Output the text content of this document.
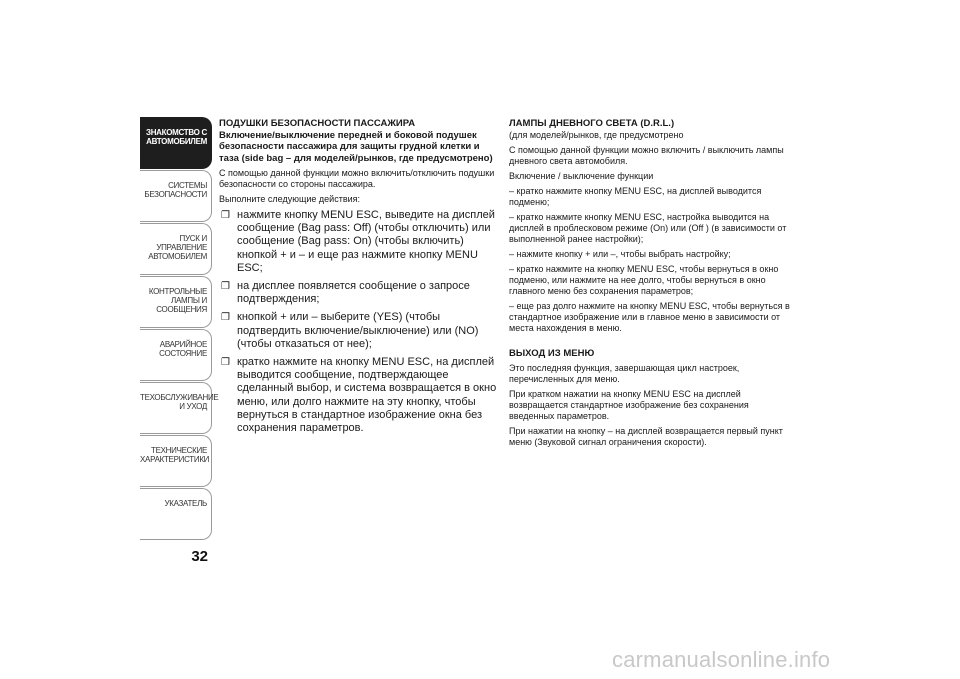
ЗНАКОМСТВО С
АВТОМОБИЛЕМ
СИСТЕМЫ
БЕЗОПАСНОСТИ
ПУСК И УПРАВЛЕНИЕ
АВТОМОБИЛЕМ
КОНТРОЛЬНЫЕ
ЛАМПЫ И
СООБЩЕНИЯ
АВАРИЙНОЕ
СОСТОЯНИЕ
ТЕХОБСЛУЖИВАНИЕ
И УХОД
ТЕХНИЧЕСКИЕ
ХАРАКТЕРИСТИКИ
УКАЗАТЕЛЬ
32
ПОДУШКИ БЕЗОПАСНОСТИ ПАССАЖИРА

Включение/выключение передней и боковой подушек безопасности пассажира для защиты грудной клетки и таза (side bag – для моделей/рынков, где предусмотрено)

С помощью данной функции можно включить/отключить подушки безопасности со стороны пассажира.

Выполните следующие действия:

❐ нажмите кнопку MENU ESC, выведите на дисплей сообщение (Bag pass: Off) (чтобы отключить) или сообщение (Bag pass: On) (чтобы включить) кнопкой + и – и еще раз нажмите кнопку MENU ESC;
❐ на дисплее появляется сообщение о запросе подтверждения;
❐ кнопкой + или – выберите (YES) (чтобы подтвердить включение/выключение) или (NO) (чтобы отказаться от нее);
❐ кратко нажмите на кнопку MENU ESC, на дисплей выводится сообщение, подтверждающее сделанный выбор, и система возвращается в окно меню, или долго нажмите на эту кнопку, чтобы вернуться в стандартное изображение окна без сохранения параметров.
ЛАМПЫ ДНЕВНОГО СВЕТА (D.R.L.)

(для моделей/рынков, где предусмотрено

С помощью данной функции можно включить / выключить лампы дневного света автомобиля.

Включение / выключение функции

– кратко нажмите кнопку MENU ESC, на дисплей выводится подменю;

– кратко нажмите кнопку MENU ESC, настройка выводится на дисплей в проблесковом режиме (On) или (Off ) (в зависимости от выполненной ранее настройки);

– нажмите кнопку + или –, чтобы выбрать настройку;

– кратко нажмите на кнопку MENU ESC, чтобы вернуться в окно подменю, или нажмите на нее долго, чтобы вернуться в окно главного меню без сохранения параметров;

– еще раз долго нажмите на кнопку MENU ESC, чтобы вернуться в стандартное изображение или в главное меню в зависимости от места нахождения в меню.

ВЫХОД ИЗ МЕНЮ

Это последняя функция, завершающая цикл настроек, перечисленных для меню.

При кратком нажатии на кнопку MENU ESC на дисплей возвращается стандартное изображение без сохранения введенных параметров.

При нажатии на кнопку – на дисплей возвращается первый пункт меню (Звуковой сигнал ограничения скорости).

carmanualsonline.info
